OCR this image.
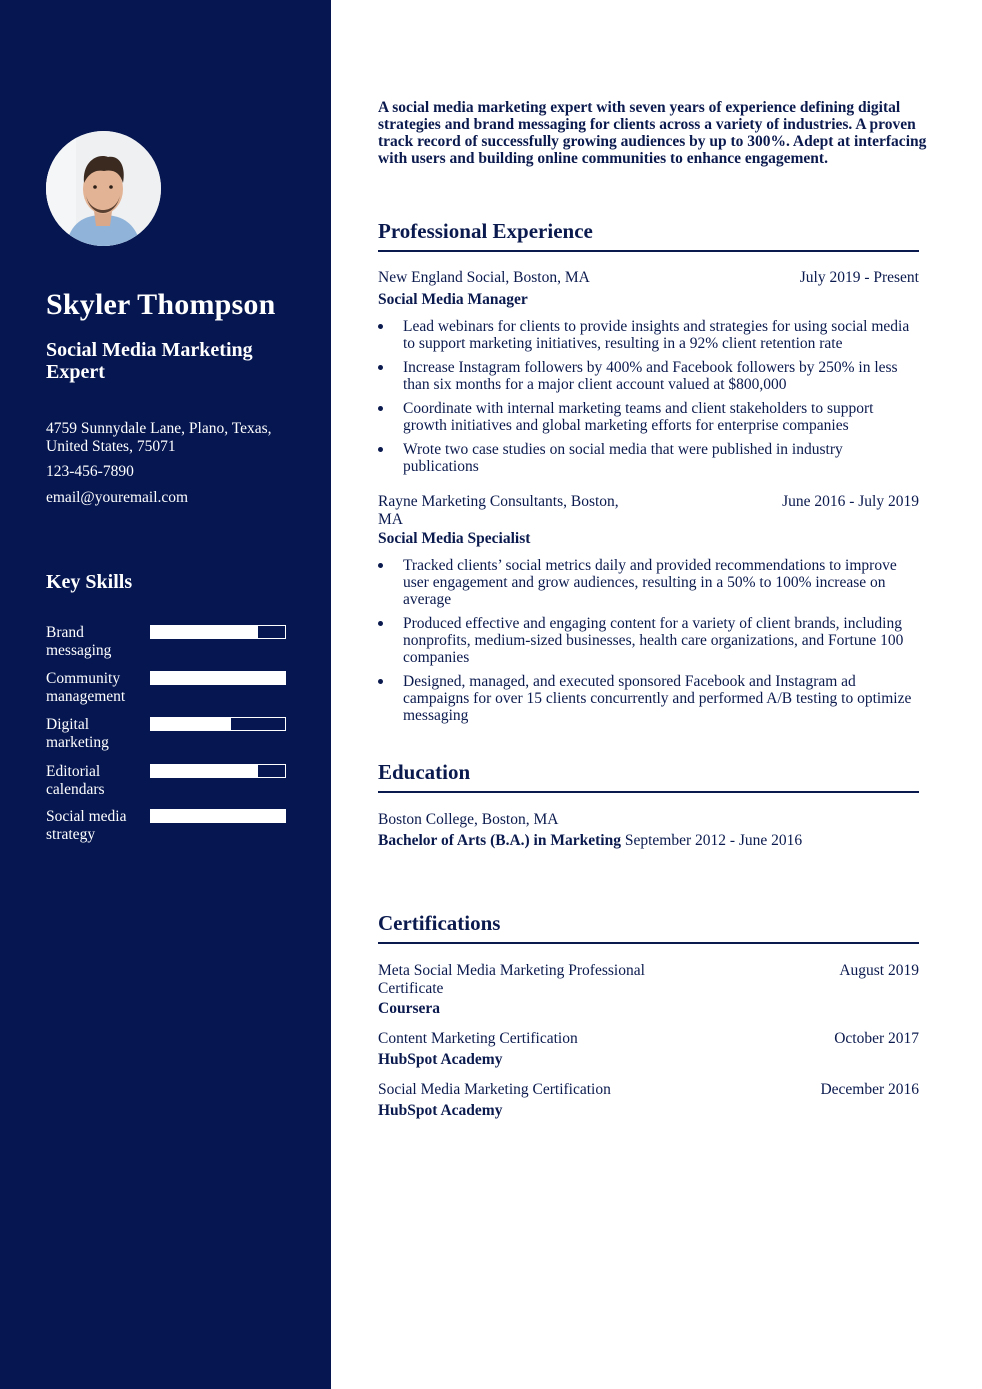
Skyler Thompson
Social Media Marketing Expert
4759 Sunnydale Lane, Plano, Texas, United States, 75071
123-456-7890
email@youremail.com
Key Skills
Brand messaging
Community management
Digital marketing
Editorial calendars
Social media strategy

A social media marketing expert with seven years of experience defining digital strategies and brand messaging for clients across a variety of industries. A proven track record of successfully growing audiences by up to 300%. Adept at interfacing with users and building online communities to enhance engagement.

Professional Experience
New England Social, Boston, MA	July 2019 - Present
Social Media Manager
Lead webinars for clients to provide insights and strategies for using social media to support marketing initiatives, resulting in a 92% client retention rate
Increase Instagram followers by 400% and Facebook followers by 250% in less than six months for a major client account valued at $800,000
Coordinate with internal marketing teams and client stakeholders to support growth initiatives and global marketing efforts for enterprise companies
Wrote two case studies on social media that were published in industry publications
Rayne Marketing Consultants, Boston, MA
June 2016 - July 2019
Social Media Specialist
Tracked clients’ social metrics daily and provided recommendations to improve user engagement and grow audiences, resulting in a 50% to 100% increase on average
Produced effective and engaging content for a variety of client brands, including nonprofits, medium-sized businesses, health care organizations, and Fortune 100 companies
Designed, managed, and executed sponsored Facebook and Instagram ad campaigns for over 15 clients concurrently and performed A/B testing to optimize messaging
Education
Boston College, Boston, MA
Bachelor of Arts (B.A.) in Marketing September 2012 - June 2016
Certifications
Meta Social Media Marketing Professional Certificate
August 2019
Coursera
Content Marketing Certification	October 2017
HubSpot Academy
Social Media Marketing Certification	December 2016
HubSpot Academy
